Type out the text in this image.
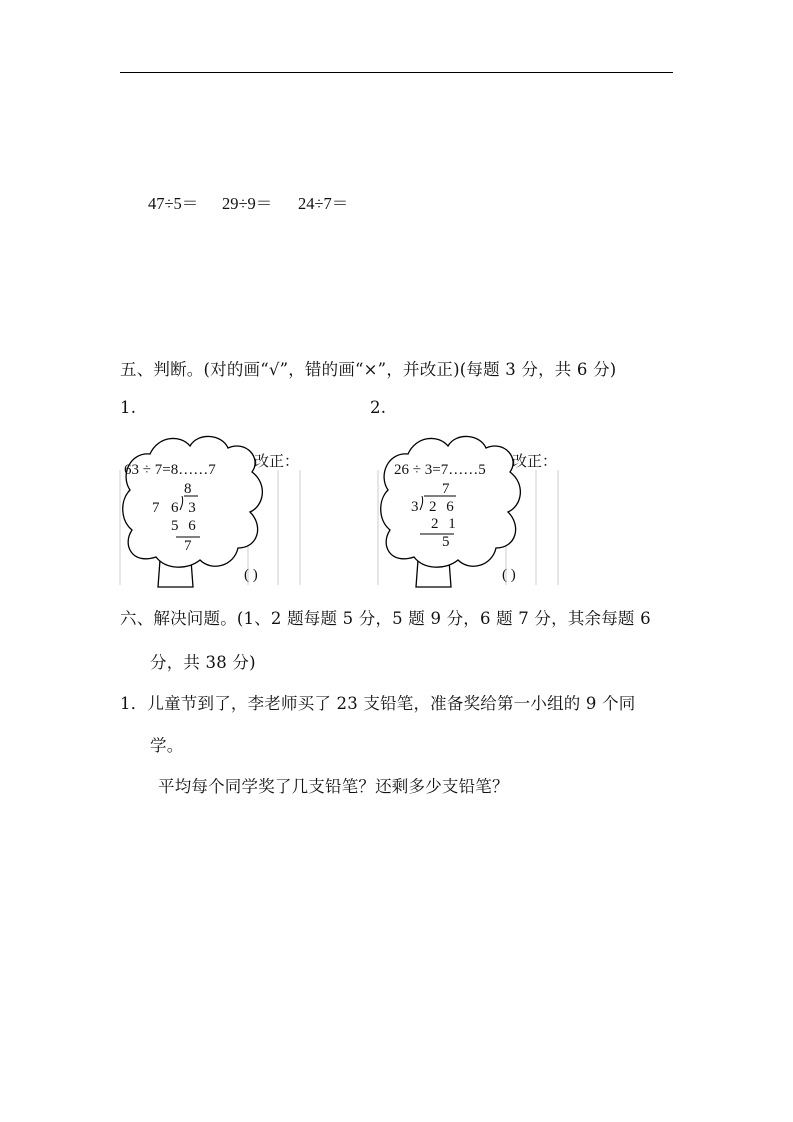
47÷5＝ 29÷9＝ 24÷7＝
五、判断。(对的画“√”，错的画“×”，并改正)(每题 3 分，共 6 分)
1.	2.
63 ÷ 7=8……7
8
7 6 3
5 6
7
改正：
( )
26 ÷ 3=7……5
7
3 2 6
2 1
5
改正：
( )
六、解决问题。(1、2 题每题 5 分，5 题 9 分，6 题 7 分，其余每题 6
分，共 38 分)
1．儿童节到了，李老师买了 23 支铅笔，准备奖给第一小组的 9 个同
学。
平均每个同学奖了几支铅笔？还剩多少支铅笔？
